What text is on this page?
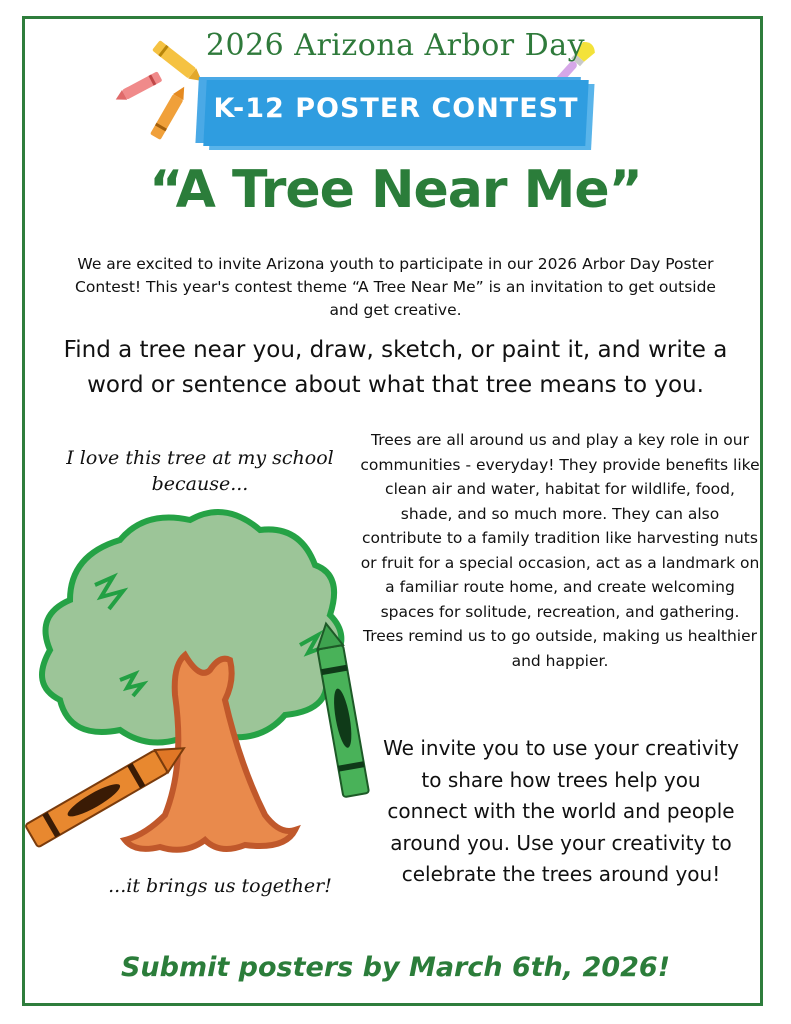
2026 Arizona Arbor Day
K-12 POSTER CONTEST
“A Tree Near Me”
We are excited to invite Arizona youth to participate in our 2026 Arbor Day Poster Contest! This year's contest theme “A Tree Near Me” is an invitation to get outside and get creative.
Find a tree near you, draw, sketch, or paint it, and write a word or sentence about what that tree means to you.
I love this tree at my school because...
...it brings us together!
Trees are all around us and play a key role in our communities - everyday! They provide benefits like clean air and water, habitat for wildlife, food, shade, and so much more. They can also contribute to a family tradition like harvesting nuts or fruit for a special occasion, act as a landmark on a familiar route home, and create welcoming spaces for solitude, recreation, and gathering. Trees remind us to go outside, making us healthier and happier.
We invite you to use your creativity to share how trees help you connect with the world and people around you. Use your creativity to celebrate the trees around you!
Submit posters by March 6th, 2026!
